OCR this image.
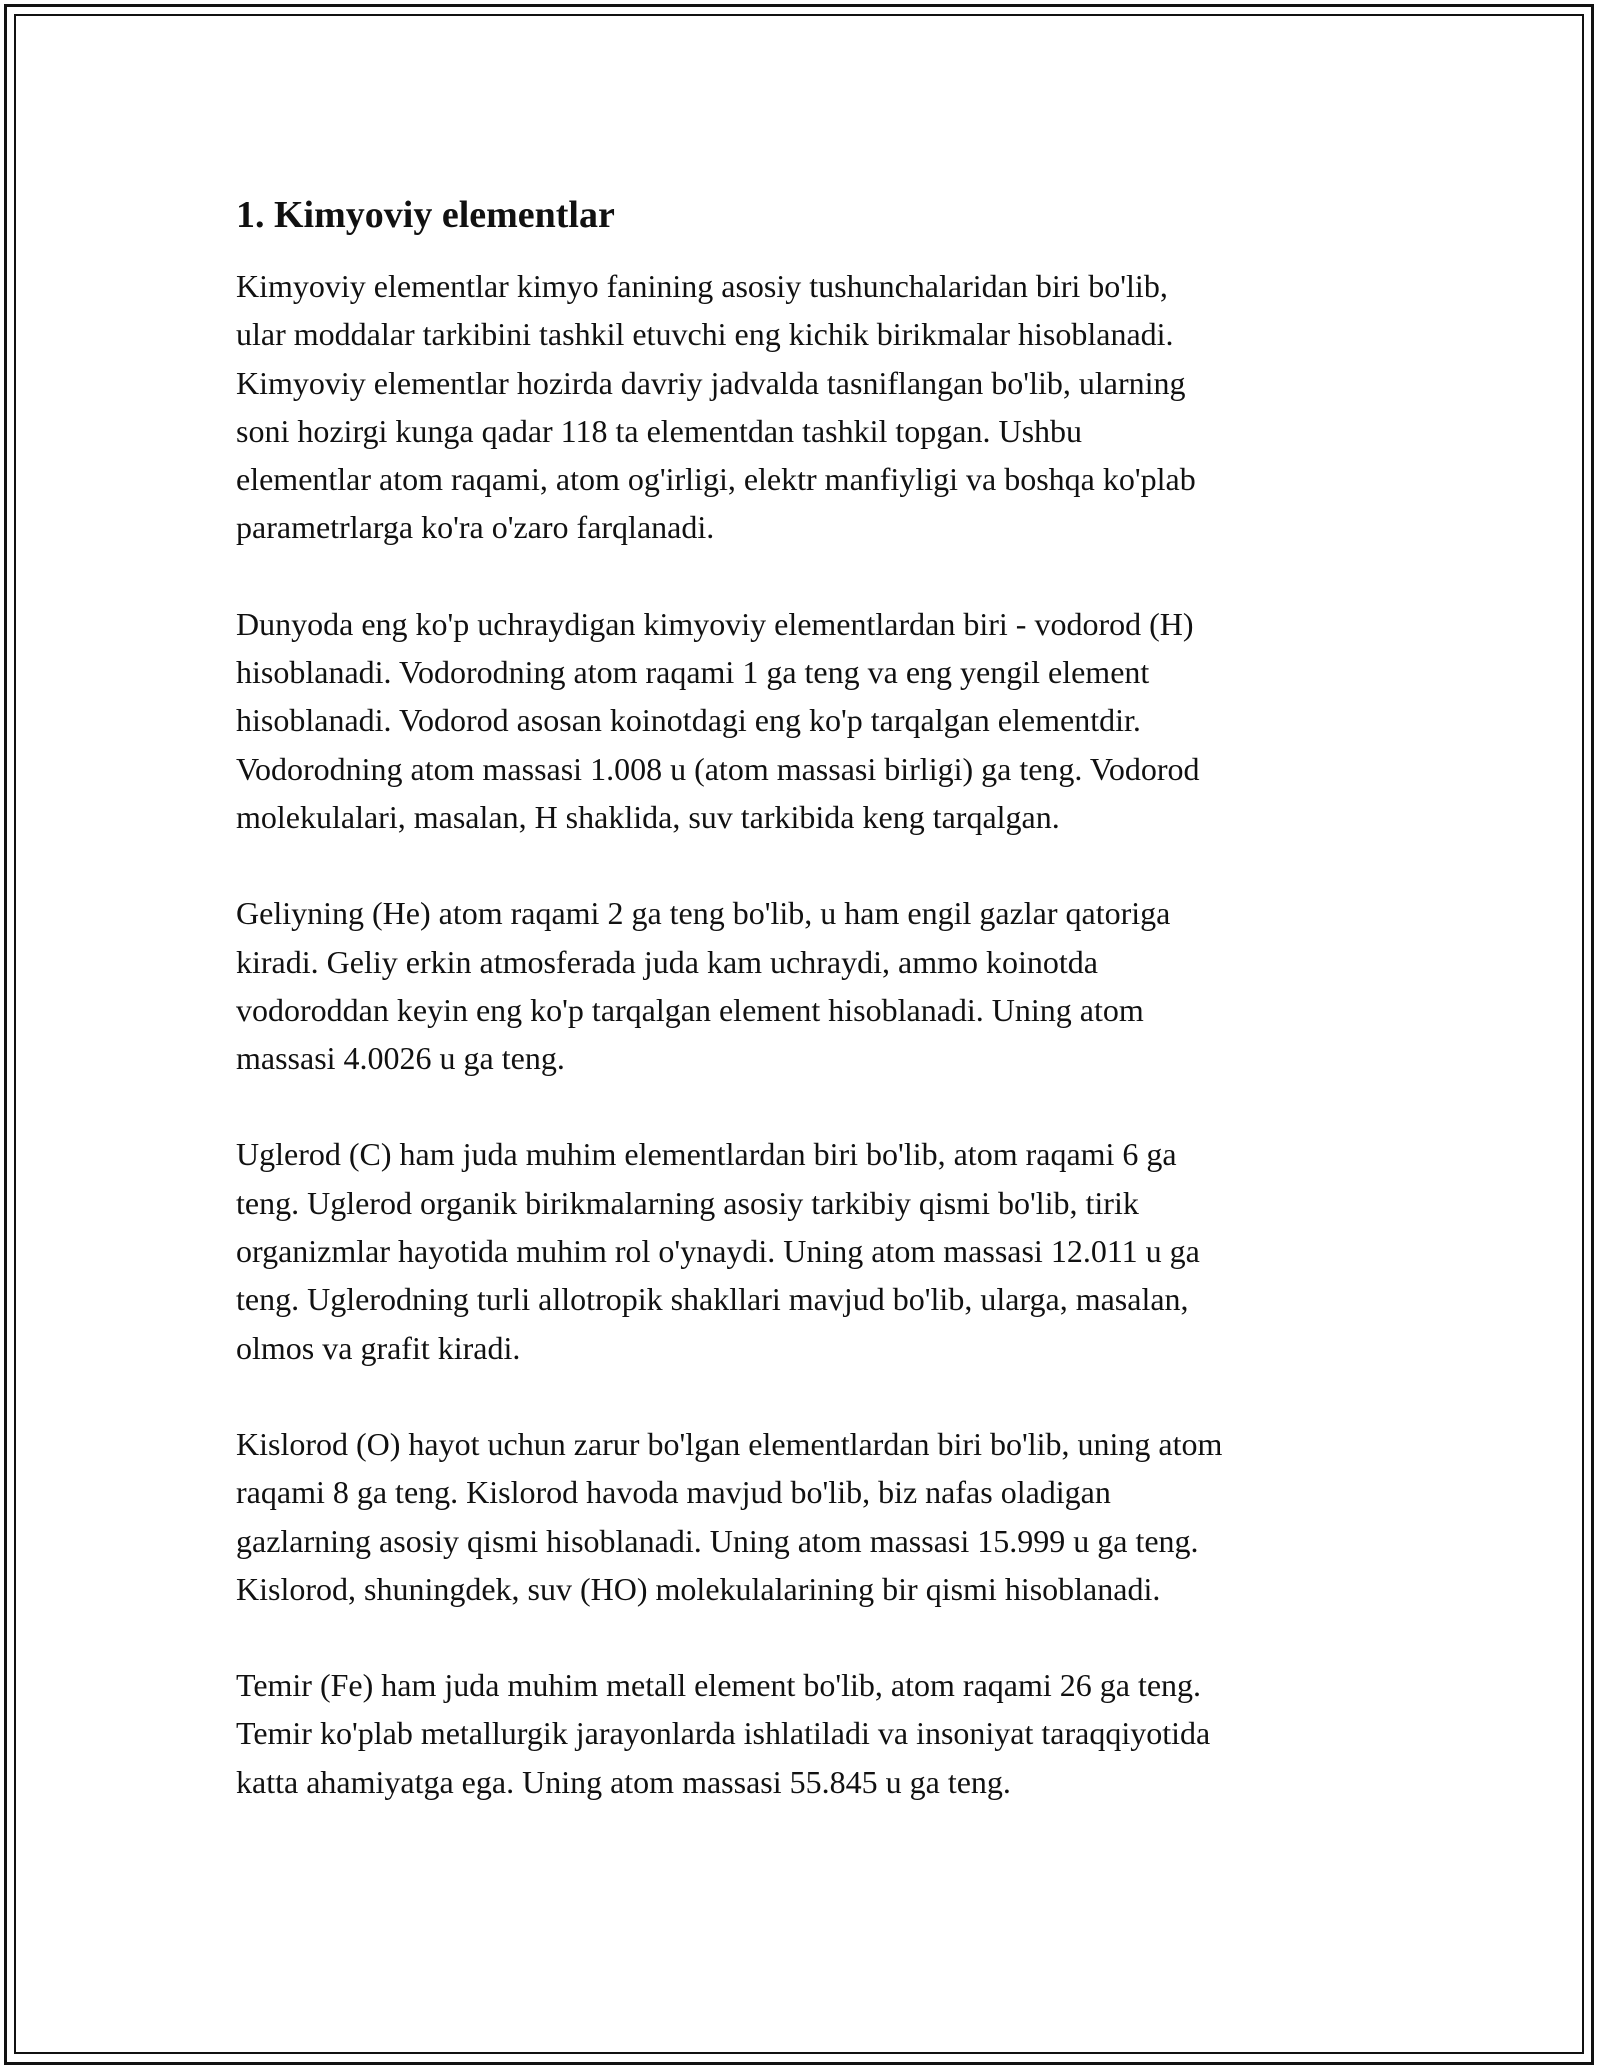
1. Kimyoviy elementlar

Kimyoviy elementlar kimyo fanining asosiy tushunchalaridan biri bo'lib,
ular moddalar tarkibini tashkil etuvchi eng kichik birikmalar hisoblanadi.
Kimyoviy elementlar hozirda davriy jadvalda tasniflangan bo'lib, ularning
soni hozirgi kunga qadar 118 ta elementdan tashkil topgan. Ushbu
elementlar atom raqami, atom og'irligi, elektr manfiyligi va boshqa ko'plab
parametrlarga ko'ra o'zaro farqlanadi.

Dunyoda eng ko'p uchraydigan kimyoviy elementlardan biri - vodorod (H)
hisoblanadi. Vodorodning atom raqami 1 ga teng va eng yengil element
hisoblanadi. Vodorod asosan koinotdagi eng ko'p tarqalgan elementdir.
Vodorodning atom massasi 1.008 u (atom massasi birligi) ga teng. Vodorod
molekulalari, masalan, H shaklida, suv tarkibida keng tarqalgan.

Geliyning (He) atom raqami 2 ga teng bo'lib, u ham engil gazlar qatoriga
kiradi. Geliy erkin atmosferada juda kam uchraydi, ammo koinotda
vodoroddan keyin eng ko'p tarqalgan element hisoblanadi. Uning atom
massasi 4.0026 u ga teng.

Uglerod (C) ham juda muhim elementlardan biri bo'lib, atom raqami 6 ga
teng. Uglerod organik birikmalarning asosiy tarkibiy qismi bo'lib, tirik
organizmlar hayotida muhim rol o'ynaydi. Uning atom massasi 12.011 u ga
teng. Uglerodning turli allotropik shakllari mavjud bo'lib, ularga, masalan,
olmos va grafit kiradi.

Kislorod (O) hayot uchun zarur bo'lgan elementlardan biri bo'lib, uning atom
raqami 8 ga teng. Kislorod havoda mavjud bo'lib, biz nafas oladigan
gazlarning asosiy qismi hisoblanadi. Uning atom massasi 15.999 u ga teng.
Kislorod, shuningdek, suv (HO) molekulalarining bir qismi hisoblanadi.

Temir (Fe) ham juda muhim metall element bo'lib, atom raqami 26 ga teng.
Temir ko'plab metallurgik jarayonlarda ishlatiladi va insoniyat taraqqiyotida
katta ahamiyatga ega. Uning atom massasi 55.845 u ga teng.
